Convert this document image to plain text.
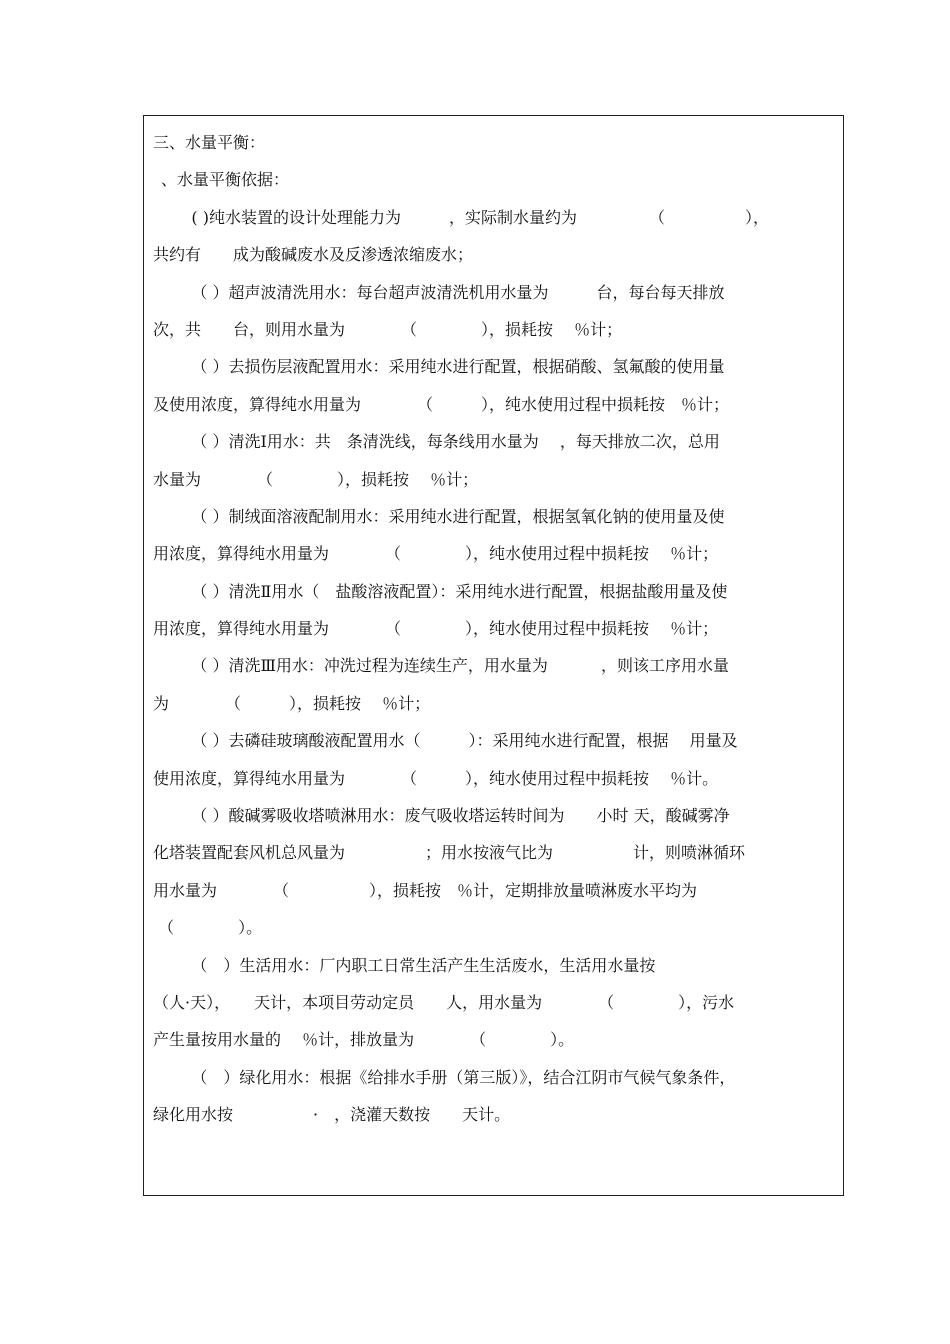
三、水量平衡：
、水量平衡依据：
( )纯水装置的设计处理能力为　　　，实际制水量约为　　　　　（　　　　　），
共约有　　成为酸碱废水及反渗透浓缩废水；
（ ）超声波清洗用水：每台超声波清洗机用水量为　　　台，每台每天排放
次，共　　台，则用水量为　　　　（　　　　），损耗按　 ％计；
（ ）去损伤层液配置用水：采用纯水进行配置，根据硝酸、氢氟酸的使用量
及使用浓度，算得纯水用量为　　　　（　　　），纯水使用过程中损耗按　％计；
（ ）清洗Ⅰ用水：共　条清洗线，每条线用水量为　 ，每天排放二次，总用
水量为　　　　（　　　　），损耗按　 ％计；
（ ）制绒面溶液配制用水：采用纯水进行配置，根据氢氧化钠的使用量及使
用浓度，算得纯水用量为　　　　（　　　　），纯水使用过程中损耗按　 ％计；
（ ）清洗Ⅱ用水（　盐酸溶液配置）：采用纯水进行配置，根据盐酸用量及使
用浓度，算得纯水用量为　　　　（　　　　），纯水使用过程中损耗按　 ％计；
（ ）清洗Ⅲ用水：冲洗过程为连续生产，用水量为　　　 ，则该工序用水量
为　　　　（　　　），损耗按　 ％计；
（ ）去磷硅玻璃酸液配置用水（　　　）：采用纯水进行配置，根据　 用量及
使用浓度，算得纯水用量为　　　　（　　　），纯水使用过程中损耗按　 ％计。
（ ）酸碱雾吸收塔喷淋用水：废气吸收塔运转时间为　　小时 天，酸碱雾净
化塔装置配套风机总风量为　　　　　；用水按液气比为　　　　　计，则喷淋循环
用水量为　　　　（　　　　　），损耗按　％计，定期排放量喷淋废水平均为
（　　　　）。
（　）生活用水：厂内职工日常生活产生生活废水，生活用水量按
（人·天），　　天计，本项目劳动定员　　人，用水量为　　　　（　　　　），污水
产生量按用水量的　 ％计，排放量为　　　　（　　　　）。
（　）绿化用水：根据《给排水手册（第三版）》，结合江阴市气候气象条件，
绿化用水按　　　　　·　，浇灌天数按　　天计。
